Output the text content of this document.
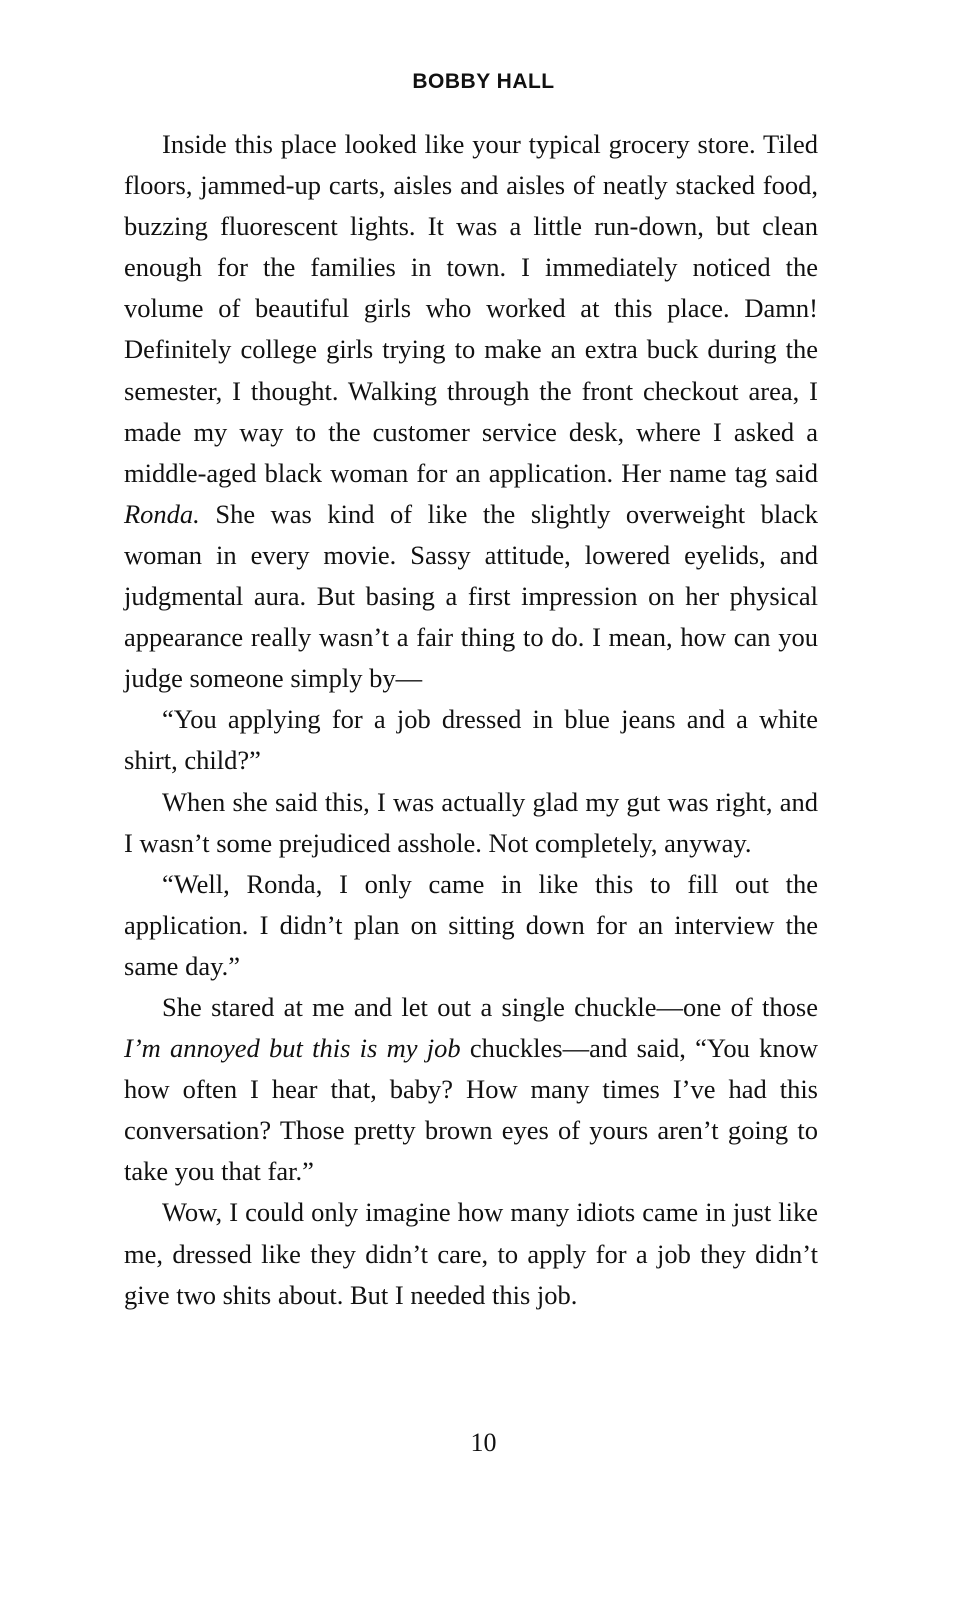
BOBBY HALL

Inside this place looked like your typical grocery store. Tiled floors, jammed-up carts, aisles and aisles of neatly stacked food, buzzing fluorescent lights. It was a little run-down, but clean enough for the families in town. I immediately noticed the volume of beautiful girls who worked at this place. Damn! Definitely college girls trying to make an extra buck during the semester, I thought. Walking through the front checkout area, I made my way to the customer service desk, where I asked a middle-aged black woman for an application. Her name tag said Ronda. She was kind of like the slightly overweight black woman in every movie. Sassy attitude, lowered eyelids, and judgmental aura. But basing a first impression on her physical appearance really wasn’t a fair thing to do. I mean, how can you judge someone simply by—

“You applying for a job dressed in blue jeans and a white shirt, child?”

When she said this, I was actually glad my gut was right, and I wasn’t some prejudiced asshole. Not completely, anyway.

“Well, Ronda, I only came in like this to fill out the application. I didn’t plan on sitting down for an interview the same day.”

She stared at me and let out a single chuckle—one of those I’m annoyed but this is my job chuckles—and said, “You know how often I hear that, baby? How many times I’ve had this conversation? Those pretty brown eyes of yours aren’t going to take you that far.”

Wow, I could only imagine how many idiots came in just like me, dressed like they didn’t care, to apply for a job they didn’t give two shits about. But I needed this job.

10
